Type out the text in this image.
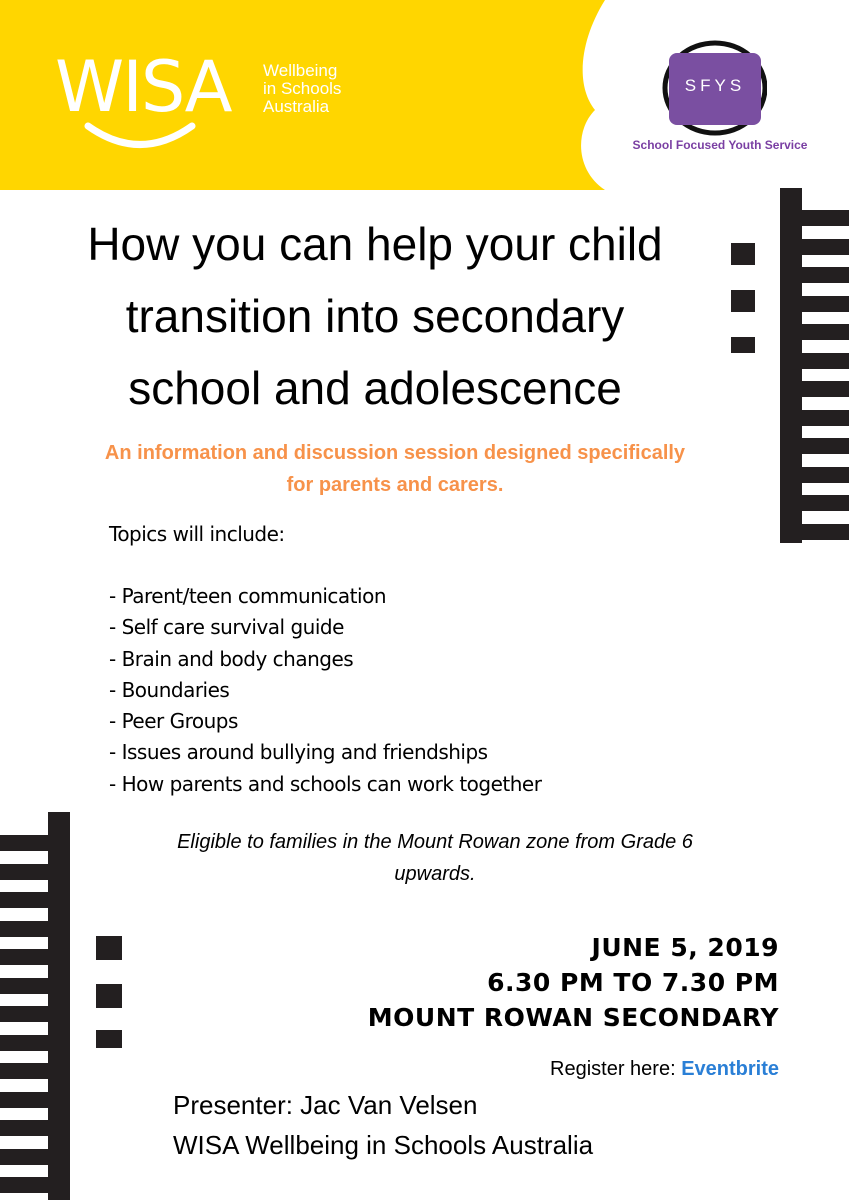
WISA Wellbeing
in Schools
Australia
SFYS
School Focused Youth Service
How you can help your child
transition into secondary
school and adolescence
An information and discussion session designed specifically
for parents and carers.
Topics will include:
- Parent/teen communication
- Self care survival guide
- Brain and body changes
- Boundaries
- Peer Groups
- Issues around bullying and friendships
- How parents and schools can work together
Eligible to families in the Mount Rowan zone from Grade 6
upwards.
JUNE 5, 2019
6.30 PM TO 7.30 PM
MOUNT ROWAN SECONDARY
Register here: Eventbrite
Presenter: Jac Van Velsen
WISA Wellbeing in Schools Australia
